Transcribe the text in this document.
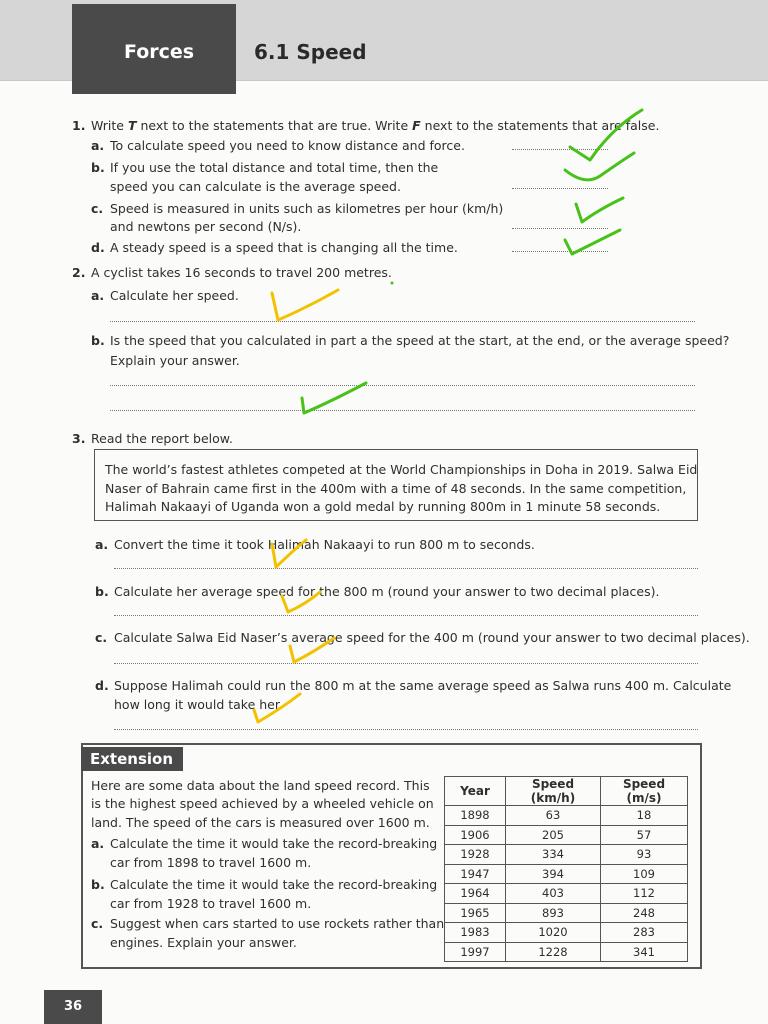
Forces	6.1 Speed
1. Write T next to the statements that are true. Write F next to the statements that are false.
a. To calculate speed you need to know distance and force.
b. If you use the total distance and total time, then the
speed you can calculate is the average speed.
c. Speed is measured in units such as kilometres per hour (km/h)
and newtons per second (N/s).
d. A steady speed is a speed that is changing all the time.
2. A cyclist takes 16 seconds to travel 200 metres.
a. Calculate her speed.
b. Is the speed that you calculated in part a the speed at the start, at the end, or the average speed?
Explain your answer.
3. Read the report below.
The world’s fastest athletes competed at the World Championships in Doha in 2019. Salwa Eid
Naser of Bahrain came first in the 400m with a time of 48 seconds. In the same competition,
Halimah Nakaayi of Uganda won a gold medal by running 800m in 1 minute 58 seconds.
a. Convert the time it took Halimah Nakaayi to run 800 m to seconds.
b. Calculate her average speed for the 800 m (round your answer to two decimal places).
c. Calculate Salwa Eid Naser’s average speed for the 400 m (round your answer to two decimal places).
d. Suppose Halimah could run the 800 m at the same average speed as Salwa runs 400 m. Calculate
how long it would take her.
Extension
Here are some data about the land speed record. This
is the highest speed achieved by a wheeled vehicle on
land. The speed of the cars is measured over 1600 m.
a. Calculate the time it would take the record-breaking
car from 1898 to travel 1600 m.
b. Calculate the time it would take the record-breaking
car from 1928 to travel 1600 m.
c. Suggest when cars started to use rockets rather than
engines. Explain your answer.
Year	Speed (km/h)	Speed (m/s)
1898	63	18
1906	205	57
1928	334	93
1947	394	109
1964	403	112
1965	893	248
1983	1020	283
1997	1228	341
36
